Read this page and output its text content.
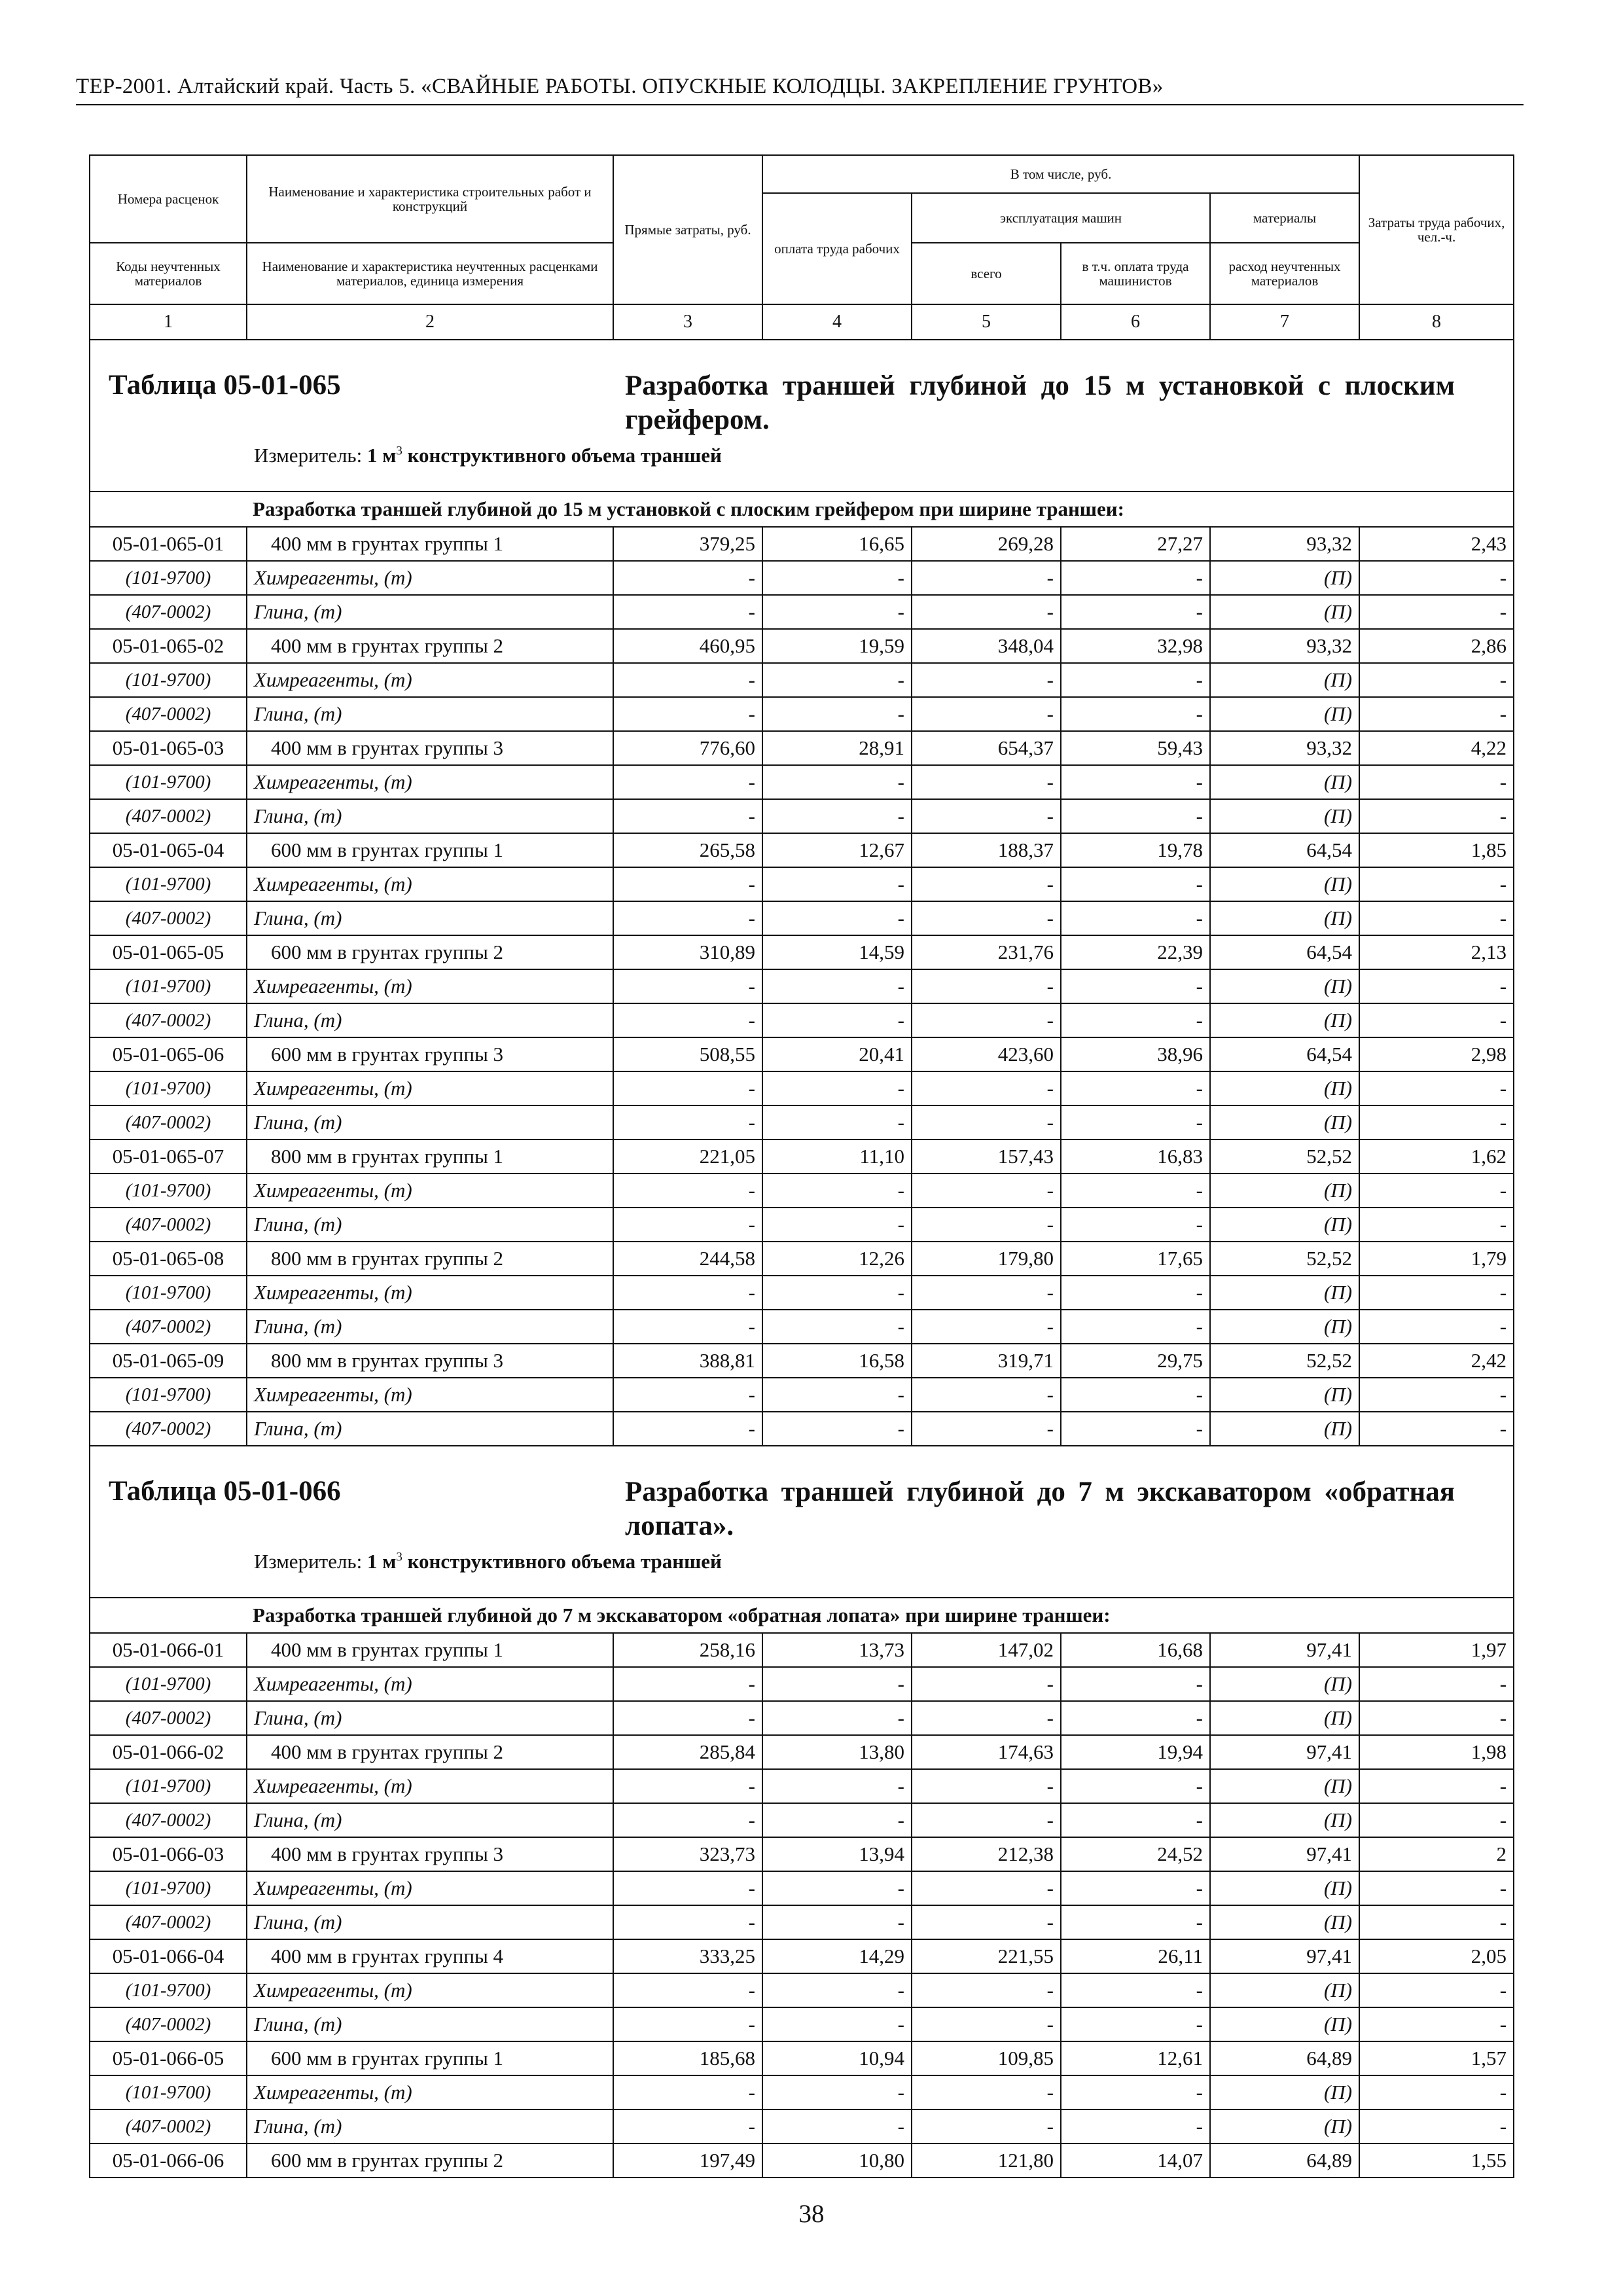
ТЕР-2001. Алтайский край. Часть 5. «СВАЙНЫЕ РАБОТЫ. ОПУСКНЫЕ КОЛОДЦЫ. ЗАКРЕПЛЕНИЕ ГРУНТОВ»
Номера расценок	Наименование и характеристика строительных работ и конструкций	Прямые затраты, руб.	В том числе, руб.				Затраты труда рабочих, чел.-ч.
			оплата труда рабочих	эксплуатация машин		материалы	
Коды неучтенных материалов	Наименование и характеристика неучтенных расценками материалов, единица измерения			всего	в т.ч. оплата труда машинистов	расход неучтенных материалов	
1	2	3	4	5	6	7	8

Таблица 05-01-065 Разработка траншей глубиной до 15 м установкой с плоским грейфером.
Измеритель: 1 $м^3$ конструктивного объема траншей							

Разработка траншей глубиной до 15 м установкой с плоским грейфером при ширине траншеи:							
05-01-065-01	400 мм в грунтах группы 1	379,25	16,65	269,28	27,27	93,32	2,43
(101-9700)	Химреагенты, (т)	-	-	-	-	(П)	-
(407-0002)	Глина, (т)	-	-	-	-	(П)	-
05-01-065-02	400 мм в грунтах группы 2	460,95	19,59	348,04	32,98	93,32	2,86
(101-9700)	Химреагенты, (т)	-	-	-	-	(П)	-
(407-0002)	Глина, (т)	-	-	-	-	(П)	-
05-01-065-03	400 мм в грунтах группы 3	776,60	28,91	654,37	59,43	93,32	4,22
(101-9700)	Химреагенты, (т)	-	-	-	-	(П)	-
(407-0002)	Глина, (т)	-	-	-	-	(П)	-
05-01-065-04	600 мм в грунтах группы 1	265,58	12,67	188,37	19,78	64,54	1,85
(101-9700)	Химреагенты, (т)	-	-	-	-	(П)	-
(407-0002)	Глина, (т)	-	-	-	-	(П)	-
05-01-065-05	600 мм в грунтах группы 2	310,89	14,59	231,76	22,39	64,54	2,13
(101-9700)	Химреагенты, (т)	-	-	-	-	(П)	-
(407-0002)	Глина, (т)	-	-	-	-	(П)	-
05-01-065-06	600 мм в грунтах группы 3	508,55	20,41	423,60	38,96	64,54	2,98
(101-9700)	Химреагенты, (т)	-	-	-	-	(П)	-
(407-0002)	Глина, (т)	-	-	-	-	(П)	-
05-01-065-07	800 мм в грунтах группы 1	221,05	11,10	157,43	16,83	52,52	1,62
(101-9700)	Химреагенты, (т)	-	-	-	-	(П)	-
(407-0002)	Глина, (т)	-	-	-	-	(П)	-
05-01-065-08	800 мм в грунтах группы 2	244,58	12,26	179,80	17,65	52,52	1,79
(101-9700)	Химреагенты, (т)	-	-	-	-	(П)	-
(407-0002)	Глина, (т)	-	-	-	-	(П)	-
05-01-065-09	800 мм в грунтах группы 3	388,81	16,58	319,71	29,75	52,52	2,42
(101-9700)	Химреагенты, (т)	-	-	-	-	(П)	-
(407-0002)	Глина, (т)	-	-	-	-	(П)	-

Таблица 05-01-066 Разработка траншей глубиной до 7 м экскаватором «обратная лопата».
Измеритель: 1 $м^3$ конструктивного объема траншей							

Разработка траншей глубиной до 7 м экскаватором «обратная лопата» при ширине траншеи:							
05-01-066-01	400 мм в грунтах группы 1	258,16	13,73	147,02	16,68	97,41	1,97
(101-9700)	Химреагенты, (т)	-	-	-	-	(П)	-
(407-0002)	Глина, (т)	-	-	-	-	(П)	-
05-01-066-02	400 мм в грунтах группы 2	285,84	13,80	174,63	19,94	97,41	1,98
(101-9700)	Химреагенты, (т)	-	-	-	-	(П)	-
(407-0002)	Глина, (т)	-	-	-	-	(П)	-
05-01-066-03	400 мм в грунтах группы 3	323,73	13,94	212,38	24,52	97,41	2
(101-9700)	Химреагенты, (т)	-	-	-	-	(П)	-
(407-0002)	Глина, (т)	-	-	-	-	(П)	-
05-01-066-04	400 мм в грунтах группы 4	333,25	14,29	221,55	26,11	97,41	2,05
(101-9700)	Химреагенты, (т)	-	-	-	-	(П)	-
(407-0002)	Глина, (т)	-	-	-	-	(П)	-
05-01-066-05	600 мм в грунтах группы 1	185,68	10,94	109,85	12,61	64,89	1,57
(101-9700)	Химреагенты, (т)	-	-	-	-	(П)	-
(407-0002)	Глина, (т)	-	-	-	-	(П)	-
05-01-066-06	600 мм в грунтах группы 2	197,49	10,80	121,80	14,07	64,89	1,55
38
